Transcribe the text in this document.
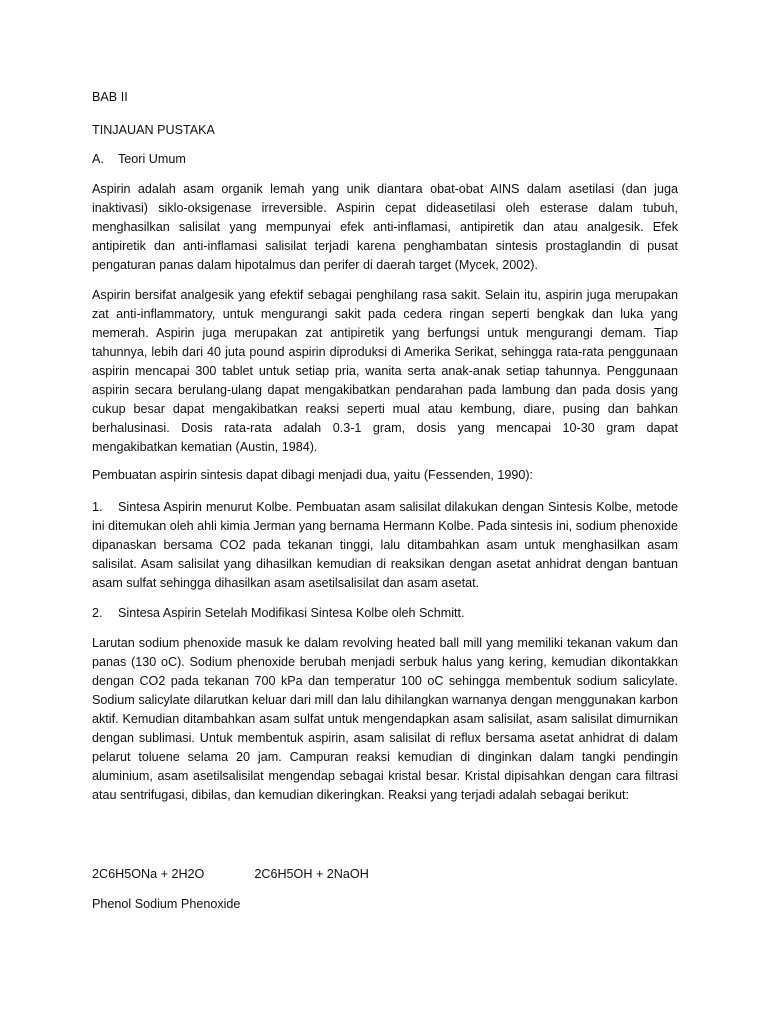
BAB II
TINJAUAN PUSTAKA
A. Teori Umum
Aspirin adalah asam organik lemah yang unik diantara obat-obat AINS dalam asetilasi (dan juga inaktivasi) siklo-oksigenase irreversible. Aspirin cepat dideasetilasi oleh esterase dalam tubuh, menghasilkan salisilat yang mempunyai efek anti-inflamasi, antipiretik dan atau analgesik. Efek antipiretik dan anti-inflamasi salisilat terjadi karena penghambatan sintesis prostaglandin di pusat pengaturan panas dalam hipotalmus dan perifer di daerah target (Mycek, 2002).
Aspirin bersifat analgesik yang efektif sebagai penghilang rasa sakit. Selain itu, aspirin juga merupakan zat anti-inflammatory, untuk mengurangi sakit pada cedera ringan seperti bengkak dan luka yang memerah. Aspirin juga merupakan zat antipiretik yang berfungsi untuk mengurangi demam. Tiap tahunnya, lebih dari 40 juta pound aspirin diproduksi di Amerika Serikat, sehingga rata-rata penggunaan aspirin mencapai 300 tablet untuk setiap pria, wanita serta anak-anak setiap tahunnya. Penggunaan aspirin secara berulang-ulang dapat mengakibatkan pendarahan pada lambung dan pada dosis yang cukup besar dapat mengakibatkan reaksi seperti mual atau kembung, diare, pusing dan bahkan berhalusinasi. Dosis rata-rata adalah 0.3-1 gram, dosis yang mencapai 10-30 gram dapat mengakibatkan kematian (Austin, 1984).
Pembuatan aspirin sintesis dapat dibagi menjadi dua, yaitu (Fessenden, 1990):
1. Sintesa Aspirin menurut Kolbe. Pembuatan asam salisilat dilakukan dengan Sintesis Kolbe, metode ini ditemukan oleh ahli kimia Jerman yang bernama Hermann Kolbe. Pada sintesis ini, sodium phenoxide dipanaskan bersama CO2 pada tekanan tinggi, lalu ditambahkan asam untuk menghasilkan asam salisilat. Asam salisilat yang dihasilkan kemudian di reaksikan dengan asetat anhidrat dengan bantuan asam sulfat sehingga dihasilkan asam asetilsalisilat dan asam asetat.
2. Sintesa Aspirin Setelah Modifikasi Sintesa Kolbe oleh Schmitt.
Larutan sodium phenoxide masuk ke dalam revolving heated ball mill yang memiliki tekanan vakum dan panas (130 oC). Sodium phenoxide berubah menjadi serbuk halus yang kering, kemudian dikontakkan dengan CO2 pada tekanan 700 kPa dan temperatur 100 oC sehingga membentuk sodium salicylate. Sodium salicylate dilarutkan keluar dari mill dan lalu dihilangkan warnanya dengan menggunakan karbon aktif. Kemudian ditambahkan asam sulfat untuk mengendapkan asam salisilat, asam salisilat dimurnikan dengan sublimasi. Untuk membentuk aspirin, asam salisilat di reflux bersama asetat anhidrat di dalam pelarut toluene selama 20 jam. Campuran reaksi kemudian di dinginkan dalam tangki pendingin aluminium, asam asetilsalisilat mengendap sebagai kristal besar. Kristal dipisahkan dengan cara filtrasi atau sentrifugasi, dibilas, dan kemudian dikeringkan. Reaksi yang terjadi adalah sebagai berikut:
2C6H5ONa + 2H2O	2C6H5OH + 2NaOH
Phenol Sodium Phenoxide
